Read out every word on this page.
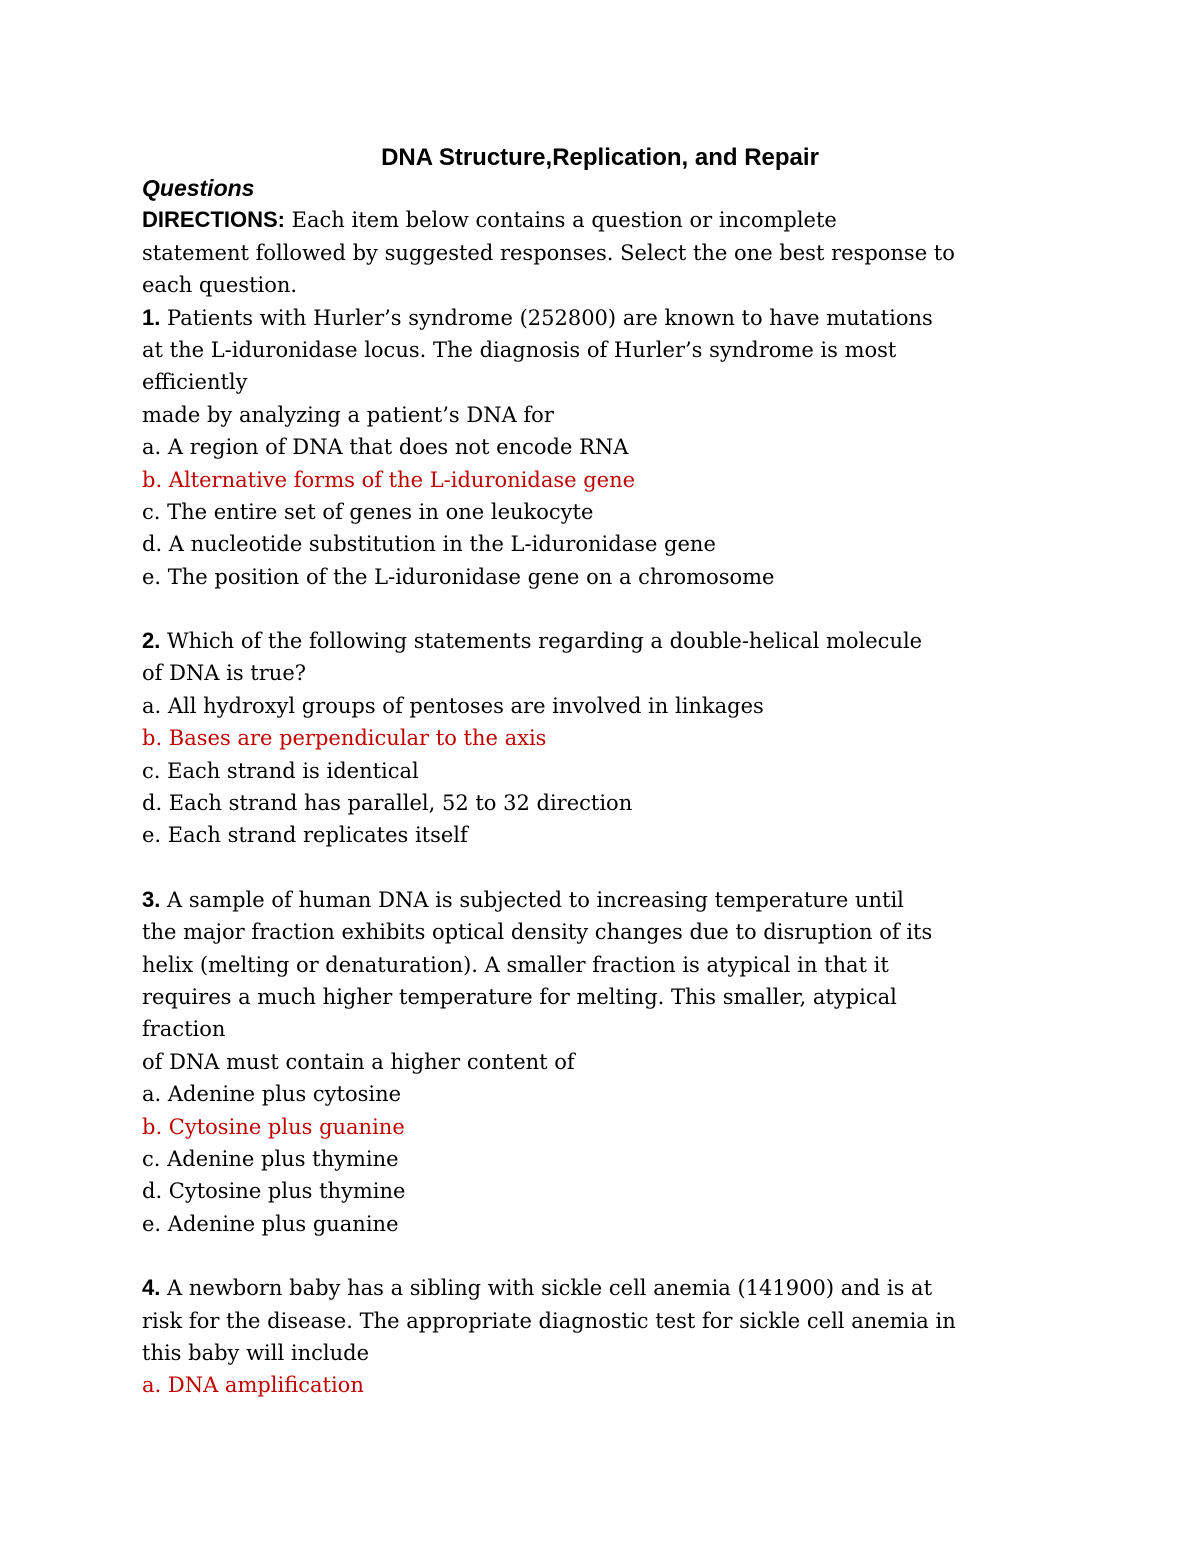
DNA Structure,Replication, and Repair
Questions
DIRECTIONS: Each item below contains a question or incomplete
statement followed by suggested responses. Select the one best response to
each question.
1. Patients with Hurler’s syndrome (252800) are known to have mutations
at the L-iduronidase locus. The diagnosis of Hurler’s syndrome is most
efficiently
made by analyzing a patient’s DNA for
a. A region of DNA that does not encode RNA
b. Alternative forms of the L-iduronidase gene
c. The entire set of genes in one leukocyte
d. A nucleotide substitution in the L-iduronidase gene
e. The position of the L-iduronidase gene on a chromosome
2. Which of the following statements regarding a double-helical molecule
of DNA is true?
a. All hydroxyl groups of pentoses are involved in linkages
b. Bases are perpendicular to the axis
c. Each strand is identical
d. Each strand has parallel, 52 to 32 direction
e. Each strand replicates itself
3. A sample of human DNA is subjected to increasing temperature until
the major fraction exhibits optical density changes due to disruption of its
helix (melting or denaturation). A smaller fraction is atypical in that it
requires a much higher temperature for melting. This smaller, atypical
fraction
of DNA must contain a higher content of
a. Adenine plus cytosine
b. Cytosine plus guanine
c. Adenine plus thymine
d. Cytosine plus thymine
e. Adenine plus guanine
4. A newborn baby has a sibling with sickle cell anemia (141900) and is at
risk for the disease. The appropriate diagnostic test for sickle cell anemia in
this baby will include
a. DNA amplification
